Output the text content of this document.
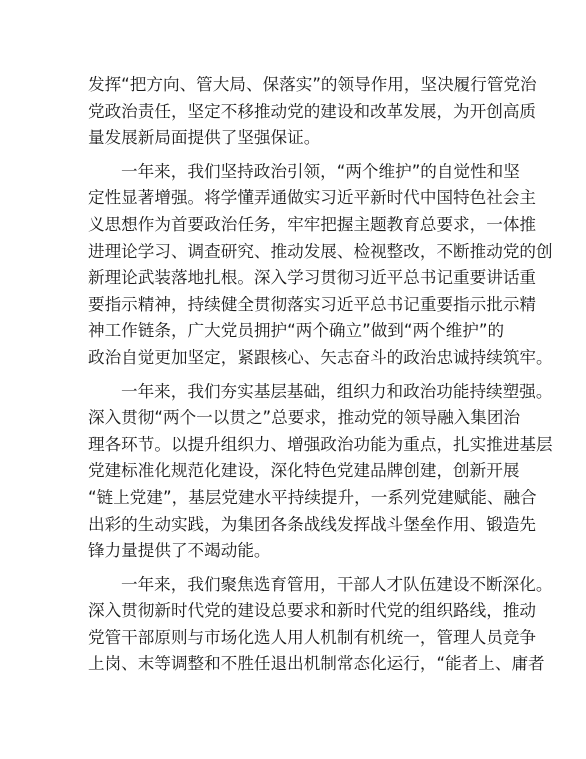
发挥“把方向、管大局、保落实”的领导作用，坚决履行管党治
党政治责任，坚定不移推动党的建设和改革发展，为开创高质
量发展新局面提供了坚强保证。
一年来，我们坚持政治引领，“两个维护”的自觉性和坚
定性显著增强。将学懂弄通做实习近平新时代中国特色社会主
义思想作为首要政治任务，牢牢把握主题教育总要求，一体推
进理论学习、调查研究、推动发展、检视整改，不断推动党的创
新理论武装落地扎根。深入学习贯彻习近平总书记重要讲话重
要指示精神，持续健全贯彻落实习近平总书记重要指示批示精
神工作链条，广大党员拥护“两个确立”做到“两个维护”的
政治自觉更加坚定，紧跟核心、矢志奋斗的政治忠诚持续筑牢。
一年来，我们夯实基层基础，组织力和政治功能持续塑强。
深入贯彻“两个一以贯之”总要求，推动党的领导融入集团治
理各环节。以提升组织力、增强政治功能为重点，扎实推进基层
党建标准化规范化建设，深化特色党建品牌创建，创新开展
“链上党建”，基层党建水平持续提升，一系列党建赋能、融合
出彩的生动实践，为集团各条战线发挥战斗堡垒作用、锻造先
锋力量提供了不竭动能。
一年来，我们聚焦选育管用，干部人才队伍建设不断深化。
深入贯彻新时代党的建设总要求和新时代党的组织路线，推动
党管干部原则与市场化选人用人机制有机统一，管理人员竞争
上岗、末等调整和不胜任退出机制常态化运行，“能者上、庸者
